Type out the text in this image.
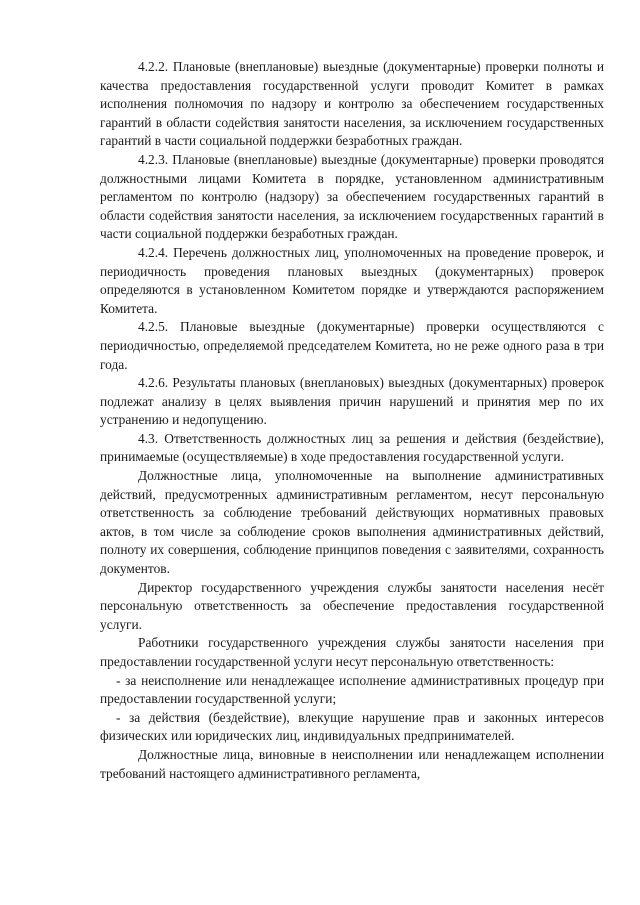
4.2.2. Плановые (внеплановые) выездные (документарные) проверки полноты и качества предоставления государственной услуги проводит Комитет в рамках исполнения полномочия по надзору и контролю за обеспечением государственных гарантий в области содействия занятости населения, за исключением государственных гарантий в части социальной поддержки безработных граждан.

4.2.3. Плановые (внеплановые) выездные (документарные) проверки проводятся должностными лицами Комитета в порядке, установленном административным регламентом по контролю (надзору) за обеспечением государственных гарантий в области содействия занятости населения, за исключением государственных гарантий в части социальной поддержки безработных граждан.

4.2.4. Перечень должностных лиц, уполномоченных на проведение проверок, и периодичность проведения плановых выездных (документарных) проверок определяются в установленном Комитетом порядке и утверждаются распоряжением Комитета.

4.2.5. Плановые выездные (документарные) проверки осуществляются с периодичностью, определяемой председателем Комитета, но не реже одного раза в три года.

4.2.6. Результаты плановых (внеплановых) выездных (документарных) проверок подлежат анализу в целях выявления причин нарушений и принятия мер по их устранению и недопущению.

4.3. Ответственность должностных лиц за решения и действия (бездействие), принимаемые (осуществляемые) в ходе предоставления государственной услуги.

Должностные лица, уполномоченные на выполнение административных действий, предусмотренных административным регламентом, несут персональную ответственность за соблюдение требований действующих нормативных правовых актов, в том числе за соблюдение сроков выполнения административных действий, полноту их совершения, соблюдение принципов поведения с заявителями, сохранность документов.

Директор государственного учреждения службы занятости населения несёт персональную ответственность за обеспечение предоставления государственной услуги.

Работники государственного учреждения службы занятости населения при предоставлении государственной услуги несут персональную ответственность:

- за неисполнение или ненадлежащее исполнение административных процедур при предоставлении государственной услуги;

- за действия (бездействие), влекущие нарушение прав и законных интересов физических или юридических лиц, индивидуальных предпринимателей.

Должностные лица, виновные в неисполнении или ненадлежащем исполнении требований настоящего административного регламента,
